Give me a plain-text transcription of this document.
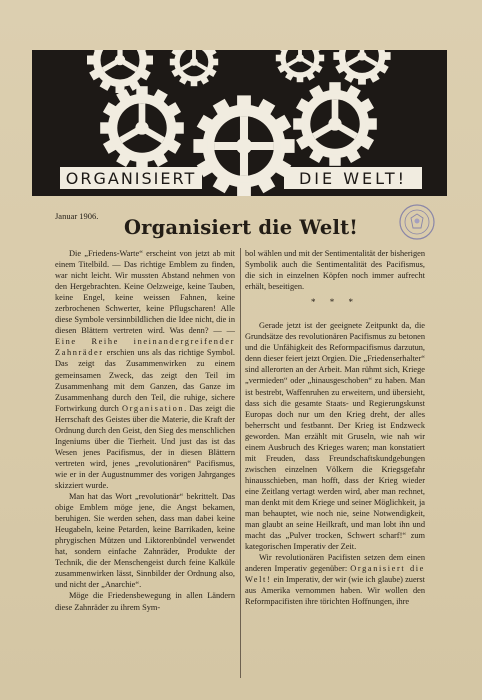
ORGANISIERT	DIE WELT!
Januar 1906.	Organisiert die Welt!

Die „Friedens-Warte“ erscheint von jetzt ab mit einem Titelbild. — Das richtige Emblem zu finden, war nicht leicht. Wir mussten Abstand nehmen von den Hergebrachten. Keine Oelzweige, keine Tauben, keine Engel, keine weissen Fahnen, keine zerbrochenen Schwerter, keine Pflugscharen! Alle diese Symbole versinnbildlichen die Idee nicht, die in diesen Blättern vertreten wird. Was denn? — — Eine Reihe ineinandergreifender Zahnräder erschien uns als das richtige Symbol. Das zeigt das Zusammenwirken zu einem gemeinsamen Zweck, das zeigt den Teil im Zusammenhang mit dem Ganzen, das Ganze im Zusammenhang durch den Teil, die ruhige, sichere Fortwirkung durch Organisation. Das zeigt die Herrschaft des Geistes über die Materie, die Kraft der Ordnung durch den Geist, den Sieg des menschlichen Ingeniums über die Tierheit. Und just das ist das Wesen jenes Pacifismus, der in diesen Blättern vertreten wird, jenes „revolutionären“ Pacifismus, wie er in der Augustnummer des vorigen Jahrganges skizziert wurde.

Man hat das Wort „revolutionär“ bekrittelt. Das obige Emblem möge jene, die Angst bekamen, beruhigen. Sie werden sehen, dass man dabei keine Heugabeln, keine Petarden, keine Barrikaden, keine phrygischen Mützen und Liktorenbündel verwendet hat, sondern einfache Zahnräder, Produkte der Technik, die der Menschengeist durch feine Kalküle zusammenwirken lässt, Sinnbilder der Ordnung also, und nicht der „Anarchie“.

Möge die Friedensbewegung in allen Ländern diese Zahnräder zu ihrem Sym-

bol wählen und mit der Sentimentalität der bisherigen Symbolik auch die Sentimentalität des Pacifismus, die sich in einzelnen Köpfen noch immer aufrecht erhält, beseitigen.

* * *

Gerade jetzt ist der geeignete Zeitpunkt da, die Grundsätze des revolutionären Pacifismus zu betonen und die Unfähigkeit des Reformpacifismus darzutun, denn dieser feiert jetzt Orgien. Die „Friedenserhalter“ sind allerorten an der Arbeit. Man rühmt sich, Kriege „vermieden“ oder „hinausgeschoben“ zu haben. Man ist bestrebt, Waffenruhen zu erweitern, und übersieht, dass sich die gesamte Staats- und Regierungskunst Europas doch nur um den Krieg dreht, der alles beherrscht und festbannt. Der Krieg ist Endzweck geworden. Man erzählt mit Gruseln, wie nah wir einem Ausbruch des Krieges waren; man konstatiert mit Freuden, dass Freundschaftskundgebungen zwischen einzelnen Völkern die Kriegsgefahr hinausschieben, man hofft, dass der Krieg wieder eine Zeitlang vertagt werden wird, aber man rechnet, man denkt mit dem Kriege und seiner Möglichkeit, ja man behauptet, wie noch nie, seine Notwendigkeit, man glaubt an seine Heilkraft, und man lobt ihn und macht das „Pulver trocken, Schwert scharf!“ zum kategorischen Imperativ der Zeit.

Wir revolutionären Pacifisten setzen dem einen anderen Imperativ gegenüber: Organisiert die Welt! ein Imperativ, der wir (wie ich glaube) zuerst aus Amerika vernommen haben. Wir wollen den Reformpacifisten ihre törichten Hoffnungen, ihre
